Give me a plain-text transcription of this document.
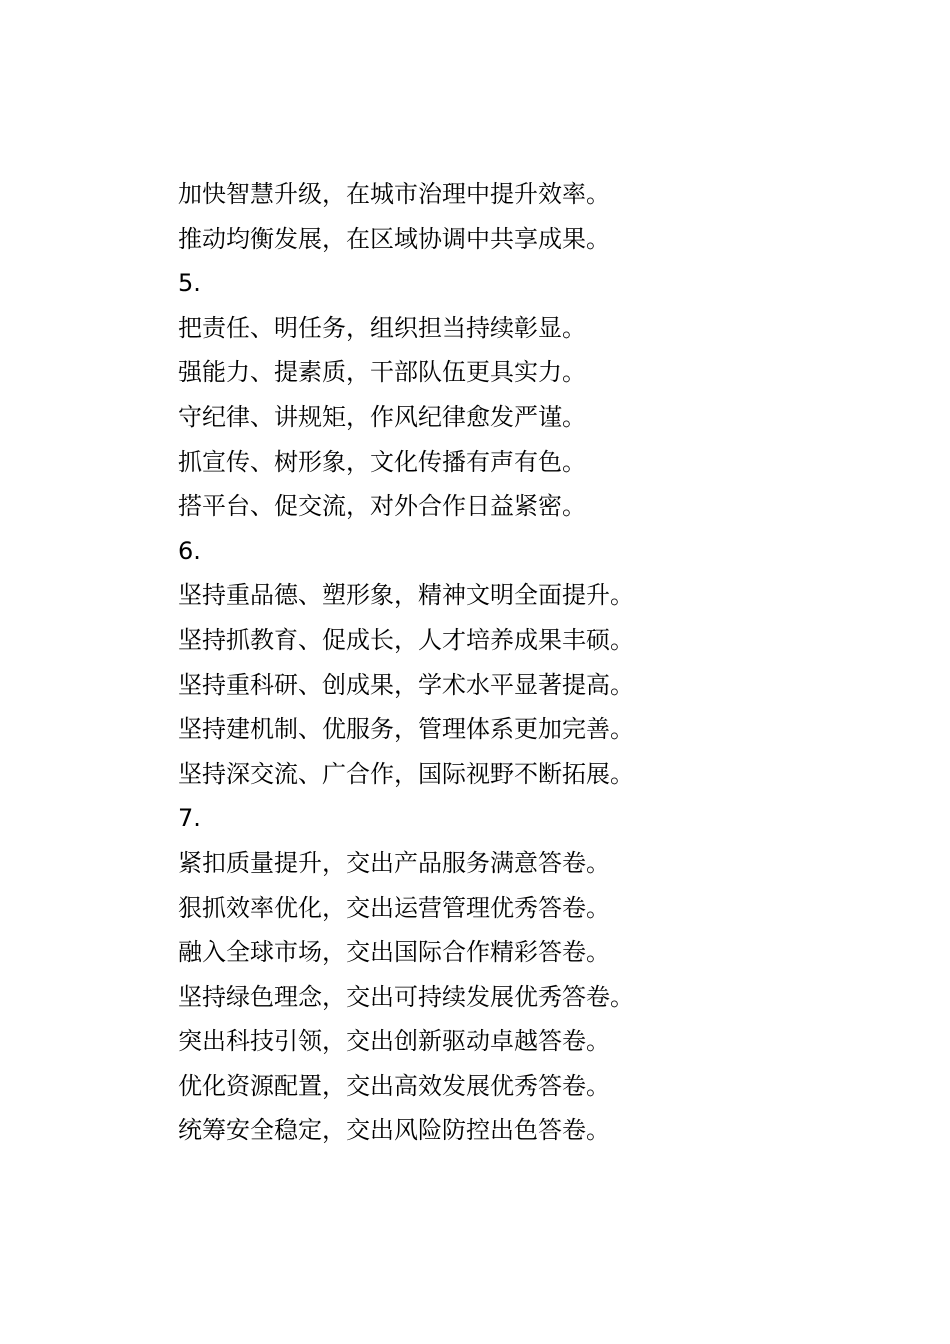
加快智慧升级，在城市治理中提升效率。
推动均衡发展，在区域协调中共享成果。
5.
把责任、明任务，组织担当持续彰显。
强能力、提素质，干部队伍更具实力。
守纪律、讲规矩，作风纪律愈发严谨。
抓宣传、树形象，文化传播有声有色。
搭平台、促交流，对外合作日益紧密。
6.
坚持重品德、塑形象，精神文明全面提升。
坚持抓教育、促成长，人才培养成果丰硕。
坚持重科研、创成果，学术水平显著提高。
坚持建机制、优服务，管理体系更加完善。
坚持深交流、广合作，国际视野不断拓展。
7.
紧扣质量提升，交出产品服务满意答卷。
狠抓效率优化，交出运营管理优秀答卷。
融入全球市场，交出国际合作精彩答卷。
坚持绿色理念，交出可持续发展优秀答卷。
突出科技引领，交出创新驱动卓越答卷。
优化资源配置，交出高效发展优秀答卷。
统筹安全稳定，交出风险防控出色答卷。
